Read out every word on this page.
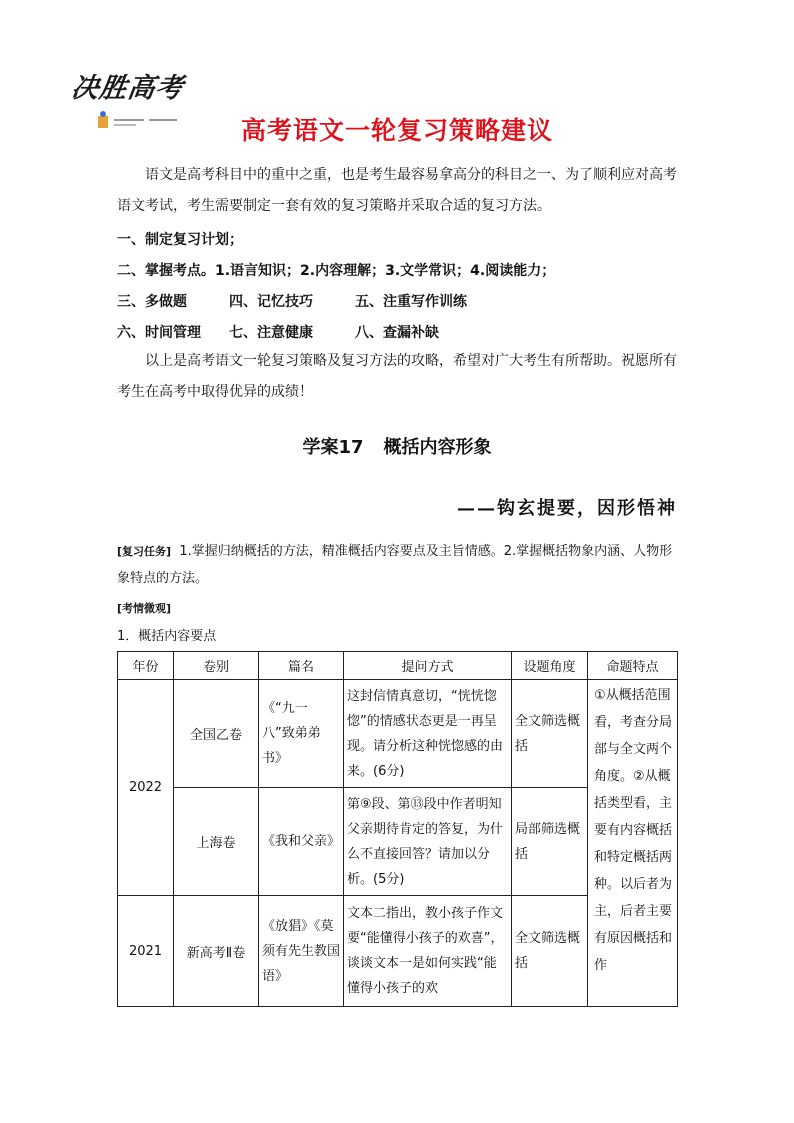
决胜高考
高考语文一轮复习策略建议
语文是高考科目中的重中之重，也是考生最容易拿高分的科目之一、为了顺利应对高考语文考试，考生需要制定一套有效的复习策略并采取合适的复习方法。
一、制定复习计划；
二、掌握考点。1.语言知识；2.内容理解；3.文学常识；4.阅读能力；
三、多做题	四、记忆技巧	五、注重写作训练
六、时间管理 七、注意健康	八、查漏补缺
以上是高考语文一轮复习策略及复习方法的攻略，希望对广大考生有所帮助。祝愿所有考生在高考中取得优异的成绩！
学案17 概括内容形象
——钩玄提要，因形悟神
[复习任务] 1.掌握归纳概括的方法，精准概括内容要点及主旨情感。2.掌握概括物象内涵、人物形象特点的方法。
[考情微观]
1．概括内容要点
年份	卷别	篇名	提问方式	设题角度	命题特点
2022	全国乙卷	《“九一八”致弟弟书》	这封信情真意切，“恍恍惚惚”的情感状态更是一再呈现。请分析这种恍惚感的由来。(6分)	全文筛选概括	①从概括范围看，考查分局部与全文两个角度。②从概括类型看，主要有内容概括和特定概括两种。以后者为主，后者主要有原因概括和作
	上海卷	《我和父亲》	第⑨段、第⑬段中作者明知父亲期待肯定的答复，为什么不直接回答？请加以分析。(5分)	局部筛选概括	
2021	新高考Ⅱ卷	《放猖》《莫须有先生教国语》	文本二指出，教小孩子作文要“能懂得小孩子的欢喜”，谈谈文本一是如何实践“能懂得小孩子的欢	全文筛选概括	
